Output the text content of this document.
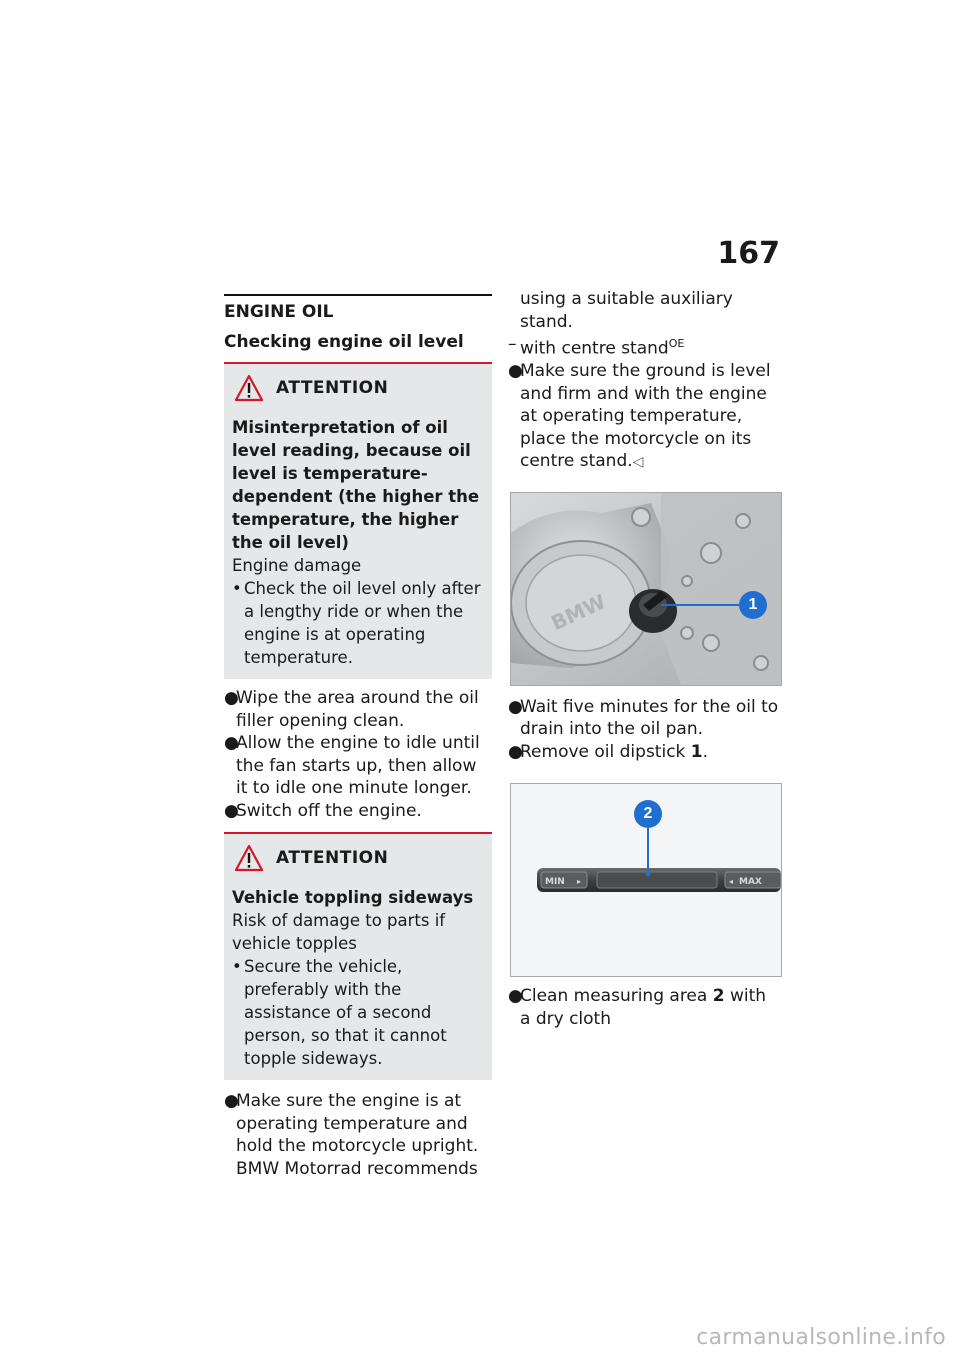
167
ENGINE OIL
Checking engine oil level
ATTENTION
Misinterpretation of oil level reading, because oil level is temperature-dependent (the higher the temperature, the higher the oil level)
Engine damage
• Check the oil level only after a lengthy ride or when the engine is at operating temperature.
●
Wipe the area around the oil filler opening clean.
●
Allow the engine to idle until the fan starts up, then allow it to idle one minute longer.
●
Switch off the engine.
ATTENTION
Vehicle toppling sideways
Risk of damage to parts if vehicle topples
• Secure the vehicle, preferably with the assistance of a second person, so that it cannot topple sideways.
●
Make sure the engine is at operating temperature and hold the motorcycle upright. BMW Motorrad recommends
using a suitable auxiliary stand.
– with centre stand$^{OE}$
●
Make sure the ground is level and firm and with the engine at operating temperature, place the motorcycle on its centre stand.◁
BMW	1
●
Wait five minutes for the oil to drain into the oil pan.
●
Remove oil dipstick 1.
MIN ▸	◂ MAX
2
●
Clean measuring area 2 with a dry cloth
carmanualsonline.info
